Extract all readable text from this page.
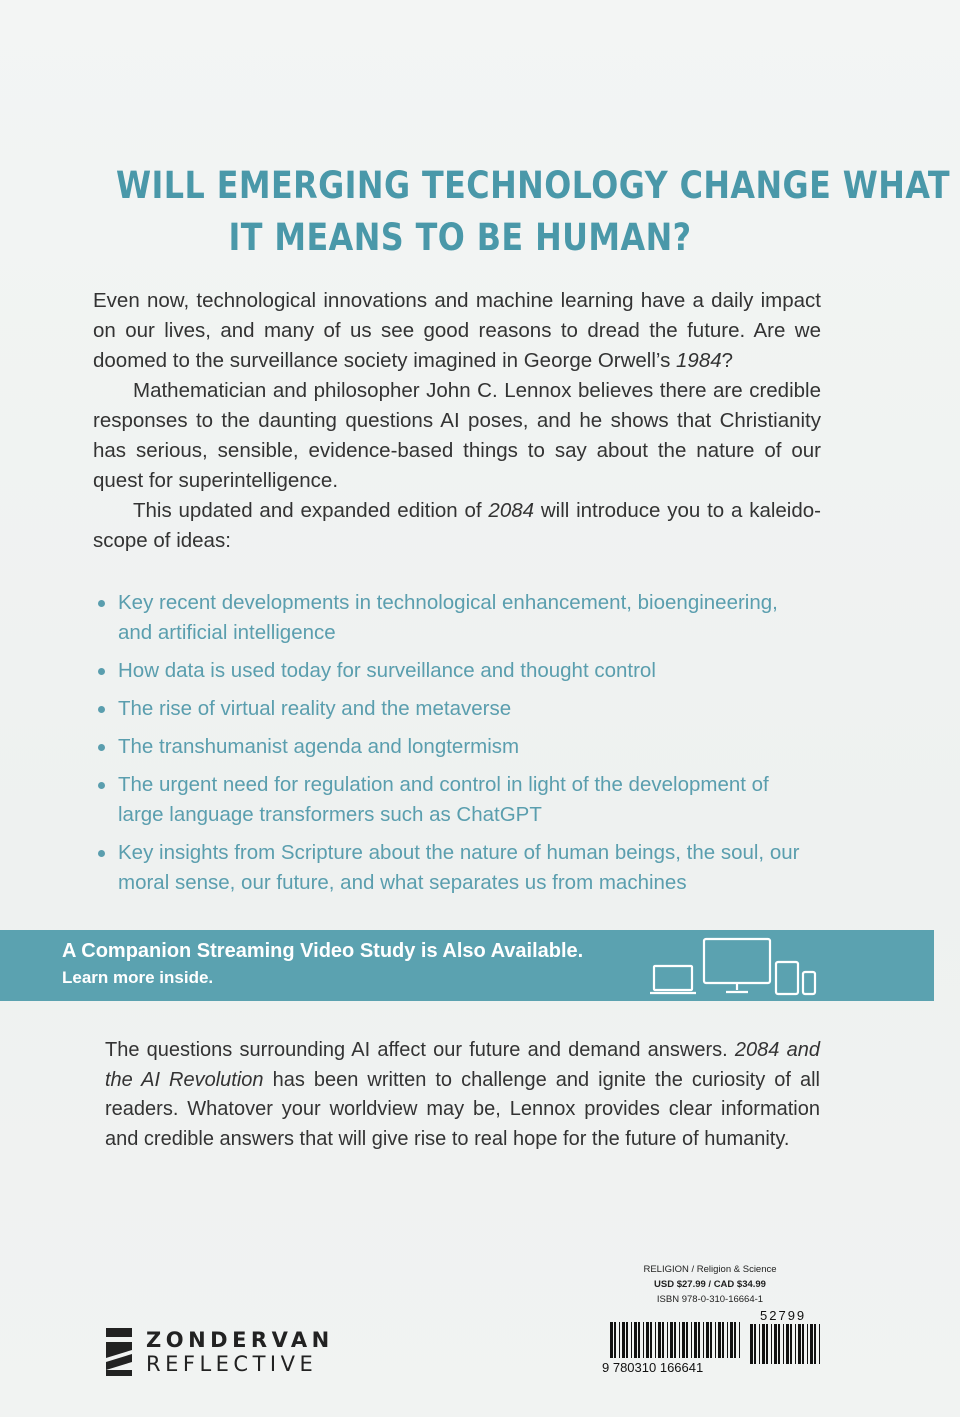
WILL EMERGING TECHNOLOGY CHANGE WHAT
IT MEANS TO BE HUMAN?

Even now, technological innovations and machine learning have a daily impact on our lives, and many of us see good reasons to dread the future. Are we doomed to the surveillance society imagined in George Orwell’s 1984?

Mathematician and philosopher John C. Lennox believes there are credible responses to the daunting questions AI poses, and he shows that Christianity has serious, sensible, evidence-based things to say about the nature of our quest for superintelligence.

This updated and expanded edition of 2084 will introduce you to a kaleidoscope of ideas:

Key recent developments in technological enhancement, bioengineering, and artificial intelligence
How data is used today for surveillance and thought control
The rise of virtual reality and the metaverse
The transhumanist agenda and longtermism
The urgent need for regulation and control in light of the development of large language transformers such as ChatGPT
Key insights from Scripture about the nature of human beings, the soul, our moral sense, our future, and what separates us from machines
A Companion Streaming Video Study is Also Available.
Learn more inside.

The questions surrounding AI affect our future and demand answers. 2084 and the AI Revolution has been written to challenge and ignite the curiosity of all readers. Whatover your worldview may be, Lennox provides clear information and credible answers that will give rise to real hope for the future of humanity.

RELIGION / Religion & Science
USD $27.99 / CAD $34.99
ISBN 978-0-310-16664-1
9 780310 166641
52799
ZONDERVAN
REFLECTIVE
